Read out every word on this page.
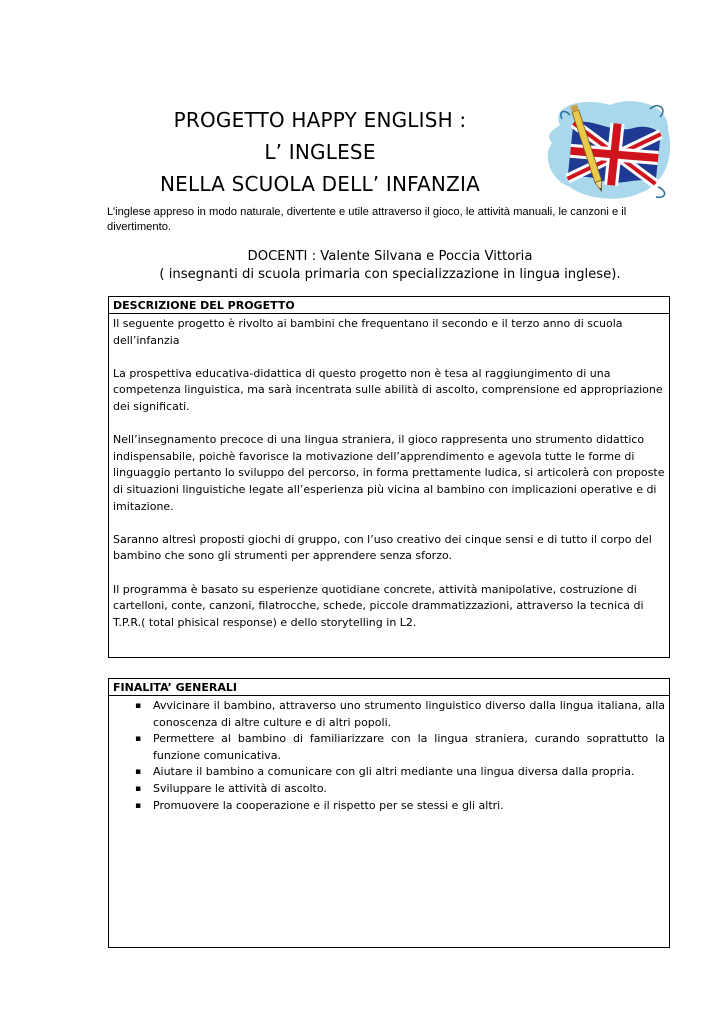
PROGETTO HAPPY ENGLISH :
L’ INGLESE
NELLA SCUOLA DELL’ INFANZIA
L’inglese appreso in modo naturale, divertente e utile attraverso il gioco, le attività manuali, le canzoni e il divertimento.
DOCENTI : Valente Silvana e Poccia Vittoria
( insegnanti di scuola primaria con specializzazione in lingua inglese).
DESCRIZIONE DEL PROGETTO

Il seguente progetto è rivolto ai bambini che frequentano il secondo e il terzo anno di scuola dell’infanzia

La prospettiva educativa-didattica di questo progetto non è tesa al raggiungimento di una competenza linguistica, ma sarà incentrata sulle abilità di ascolto, comprensione ed appropriazione dei significati.

Nell’insegnamento precoce di una lingua straniera, il gioco rappresenta uno strumento didattico indispensabile, poichè favorisce la motivazione dell’apprendimento e agevola tutte le forme di linguaggio pertanto lo sviluppo del percorso, in forma prettamente ludica, si articolerà con proposte di situazioni linguistiche legate all’esperienza più vicina al bambino con implicazioni operative e di imitazione.

Saranno altresì proposti giochi di gruppo, con l’uso creativo dei cinque sensi e di tutto il corpo del bambino che sono gli strumenti per apprendere senza sforzo.

Il programma è basato su esperienze quotidiane concrete, attività manipolative, costruzione di cartelloni, conte, canzoni, filatrocche, schede, piccole drammatizzazioni, attraverso la tecnica di T.P.R.( total phisical response) e dello storytelling in L2.

FINALITA’ GENERALI
▪ Avvicinare il bambino, attraverso uno strumento linguistico diverso dalla lingua italiana, alla conoscenza di altre culture e di altri popoli.
▪ Permettere al bambino di familiarizzare con la lingua straniera, curando soprattutto la funzione comunicativa.
▪ Aiutare il bambino a comunicare con gli altri mediante una lingua diversa dalla propria.
▪ Sviluppare le attività di ascolto.
▪ Promuovere la cooperazione e il rispetto per se stessi e gli altri.
